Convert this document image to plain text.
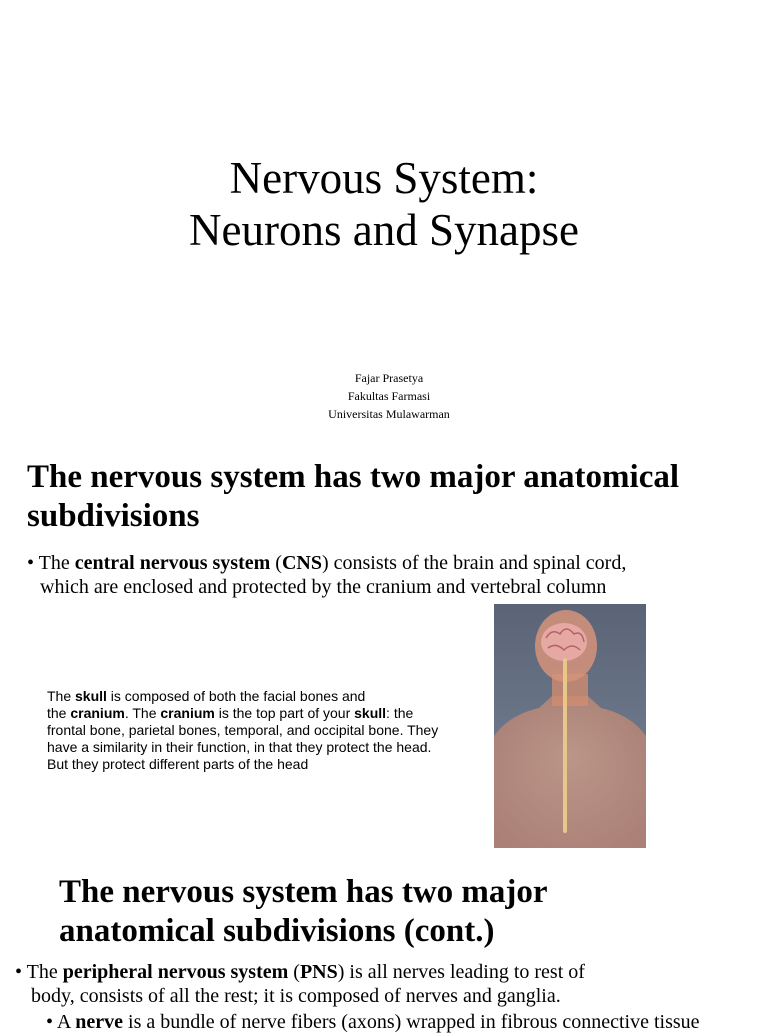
Nervous System:
Neurons and Synapse
Fajar Prasetya
Fakultas Farmasi
Universitas Mulawarman
The nervous system has two major anatomical
subdivisions
• The central nervous system (CNS) consists of the brain and spinal cord,
which are enclosed and protected by the cranium and vertebral column
The skull is composed of both the facial bones and
the cranium. The cranium is the top part of your skull: the
frontal bone, parietal bones, temporal, and occipital bone. They
have a similarity in their function, in that they protect the head.
But they protect different parts of the head
The nervous system has two major
anatomical subdivisions (cont.)
• The peripheral nervous system (PNS) is all nerves leading to rest of
body, consists of all the rest; it is composed of nerves and ganglia.
• A nerve is a bundle of nerve fibers (axons) wrapped in fibrous connective tissue
